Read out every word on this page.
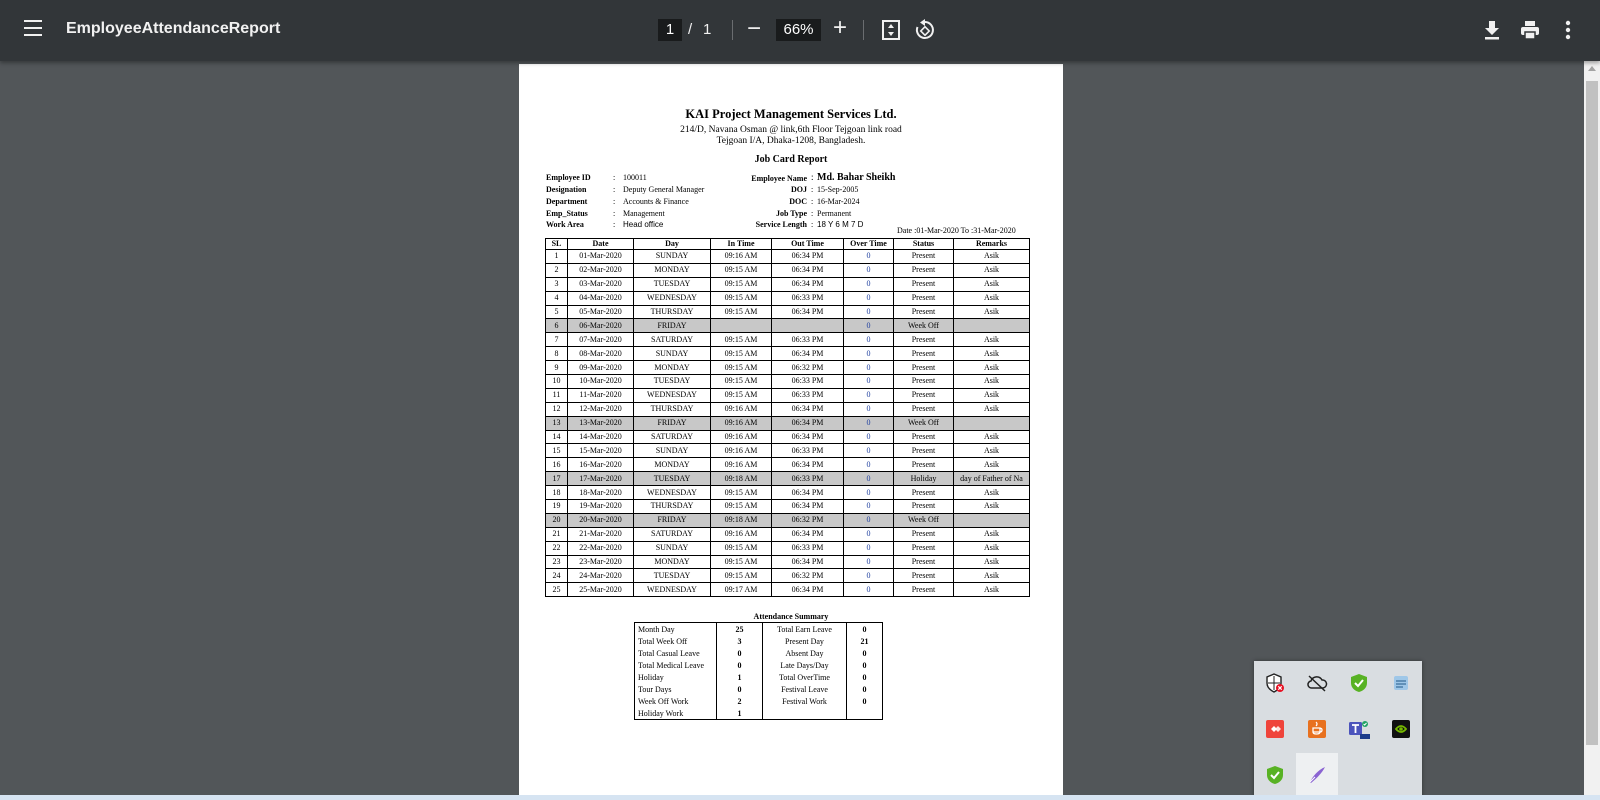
EmployeeAttendanceReport	1 / 1 −	66% +
KAI Project Management Services Ltd.
214/D, Navana Osman @ link,6th Floor Tejgoan link road
Tejgoan I/A, Dhaka-1208, Bangladesh.
Job Card Report
Employee ID	: 100011
Designation	: Deputy General Manager
Department	: Accounts & Finance
Emp_Status	: Management
Work Area	: Head office
Employee Name Md. Bahar Sheikh
:
DOJ : 15-Sep-2005
DOC : 16-Mar-2024
Job Type : Permanent
Service Length : 18 Y 6 M 7 D
Date :01-Mar-2020 To :31-Mar-2020
SL	Date	Day	In Time	Out Time	Over Time	Status	Remarks
1	01-Mar-2020	SUNDAY	09:16 AM	06:34 PM	0	Present	Asik
2	02-Mar-2020	MONDAY	09:15 AM	06:34 PM	0	Present	Asik
3	03-Mar-2020	TUESDAY	09:15 AM	06:34 PM	0	Present	Asik
4	04-Mar-2020	WEDNESDAY	09:15 AM	06:33 PM	0	Present	Asik
5	05-Mar-2020	THURSDAY	09:15 AM	06:34 PM	0	Present	Asik
6	06-Mar-2020	FRIDAY			0	Week Off	
7	07-Mar-2020	SATURDAY	09:15 AM	06:33 PM	0	Present	Asik
8	08-Mar-2020	SUNDAY	09:15 AM	06:34 PM	0	Present	Asik
9	09-Mar-2020	MONDAY	09:15 AM	06:32 PM	0	Present	Asik
10	10-Mar-2020	TUESDAY	09:15 AM	06:33 PM	0	Present	Asik
11	11-Mar-2020	WEDNESDAY	09:15 AM	06:33 PM	0	Present	Asik
12	12-Mar-2020	THURSDAY	09:16 AM	06:34 PM	0	Present	Asik
13	13-Mar-2020	FRIDAY	09:16 AM	06:34 PM	0	Week Off	
14	14-Mar-2020	SATURDAY	09:16 AM	06:34 PM	0	Present	Asik
15	15-Mar-2020	SUNDAY	09:16 AM	06:33 PM	0	Present	Asik
16	16-Mar-2020	MONDAY	09:16 AM	06:34 PM	0	Present	Asik
17	17-Mar-2020	TUESDAY	09:18 AM	06:33 PM	0	Holiday	day of Father of Na
18	18-Mar-2020	WEDNESDAY	09:15 AM	06:34 PM	0	Present	Asik
19	19-Mar-2020	THURSDAY	09:15 AM	06:34 PM	0	Present	Asik
20	20-Mar-2020	FRIDAY	09:18 AM	06:32 PM	0	Week Off	
21	21-Mar-2020	SATURDAY	09:16 AM	06:34 PM	0	Present	Asik
22	22-Mar-2020	SUNDAY	09:15 AM	06:33 PM	0	Present	Asik
23	23-Mar-2020	MONDAY	09:15 AM	06:34 PM	0	Present	Asik
24	24-Mar-2020	TUESDAY	09:15 AM	06:32 PM	0	Present	Asik
25	25-Mar-2020	WEDNESDAY	09:17 AM	06:34 PM	0	Present	Asik
Attendance Summary
Month Day	25	Total Earn Leave	0
Total Week Off	3	Present Day	21
Total Casual Leave	0	Absent Day	0
Total Medical Leave	0	Late Days/Day	0
Holiday	1	Total OverTime	0
Tour Days	0	Festival Leave	0
Week Off Work	2	Festival Work	0
Holiday Work	1		
